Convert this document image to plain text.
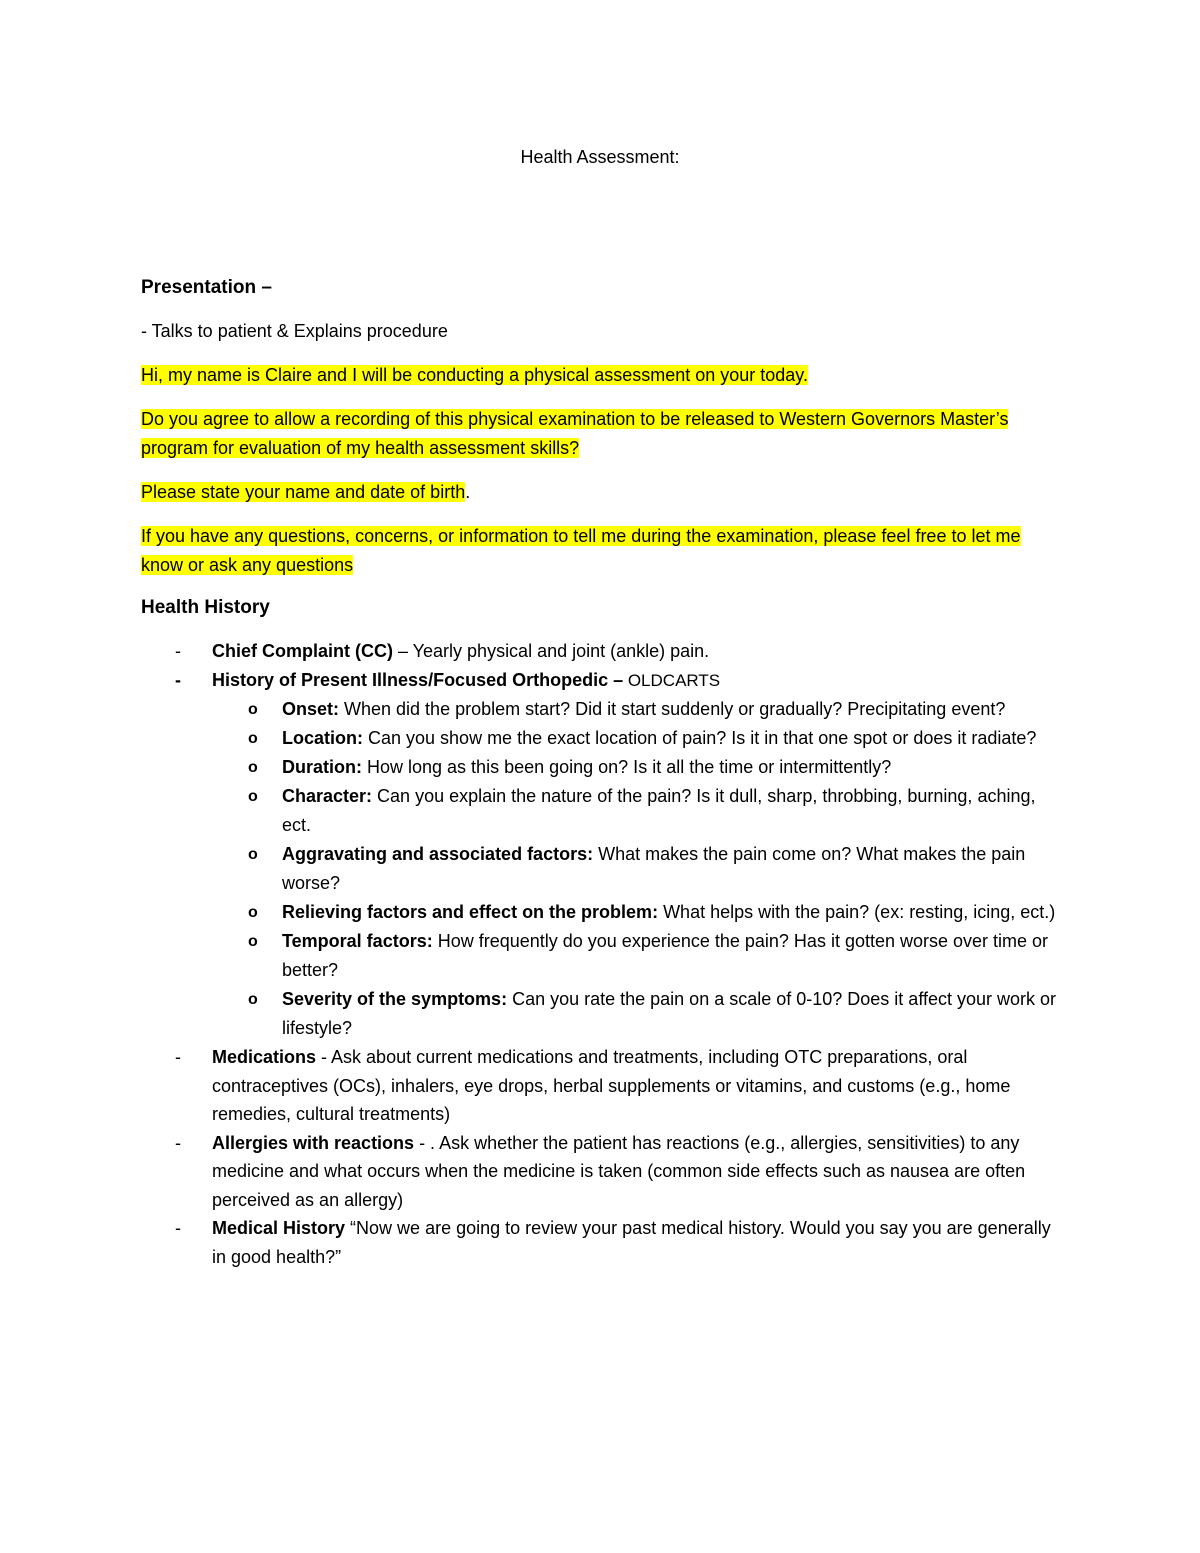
Health Assessment:

Presentation –

- Talks to patient & Explains procedure

Hi, my name is Claire and I will be conducting a physical assessment on your today.

Do you agree to allow a recording of this physical examination to be released to Western Governors Master’s program for evaluation of my health assessment skills?

Please state your name and date of birth.

If you have any questions, concerns, or information to tell me during the examination, please feel free to let me know or ask any questions

Health History

- Chief Complaint (CC) – Yearly physical and joint (ankle) pain.
- History of Present Illness/Focused Orthopedic – OLDCARTS
o Onset: When did the problem start? Did it start suddenly or gradually? Precipitating event?
o Location: Can you show me the exact location of pain? Is it in that one spot or does it radiate?
o Duration: How long as this been going on? Is it all the time or intermittently?
o Character: Can you explain the nature of the pain? Is it dull, sharp, throbbing, burning, aching, ect.
o Aggravating and associated factors: What makes the pain come on? What makes the pain worse?
o Relieving factors and effect on the problem: What helps with the pain? (ex: resting, icing, ect.)
o Temporal factors: How frequently do you experience the pain? Has it gotten worse over time or better?
o Severity of the symptoms: Can you rate the pain on a scale of 0-10? Does it affect your work or lifestyle?
- Medications - Ask about current medications and treatments, including OTC preparations, oral contraceptives (OCs), inhalers, eye drops, herbal supplements or vitamins, and customs (e.g., home remedies, cultural treatments)
- Allergies with reactions - . Ask whether the patient has reactions (e.g., allergies, sensitivities) to any medicine and what occurs when the medicine is taken (common side effects such as nausea are often perceived as an allergy)
- Medical History “Now we are going to review your past medical history. Would you say you are generally in good health?”
